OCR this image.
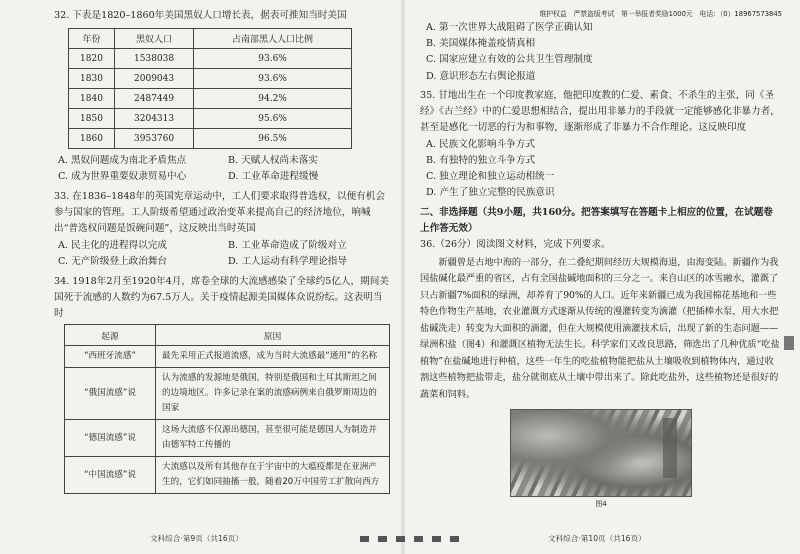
32. 下表是1820–1860年美国黑奴人口增长表，据表可推知当时美国

年份	黑奴人口	占南部黑人人口比例
1820	1538038	93.6%
1830	2009043	93.6%
1840	2487449	94.2%
1850	3204313	95.6%
1860	3953760	96.5%
A. 黑奴问题成为南北矛盾焦点	B. 天赋人权尚未落实
C. 成为世界重要奴隶贸易中心	D. 工业革命进程缓慢

33. 在1836–1848年的英国宪章运动中，工人们要求取得普选权，以便有机会参与国家的管理。工人阶级希望通过政治变革来提高自己的经济地位，响喊出“普选权问题是饭碗问题”，这反映出当时英国

A. 民主化的进程得以完成	B. 工业革命造成了阶级对立
C. 无产阶级登上政治舞台	D. 工人运动有科学理论指导

34. 1918年2月至1920年4月，席卷全球的大流感感染了全球约5亿人，期间美国死于流感的人数约为67.5万人。关于疫情起源美国媒体众说纷纭。这表明当时

起源	原因
“西班牙流感”	最先采用正式报道流感，成为当时大流感最“通用”的名称
“俄国流感”说	认为流感的发源地是俄国，特别是俄国和土耳其斯坦之间的边境地区。许多记录在案的流感病例来自俄罗斯周边的国家
“德国流感”说	这场大流感不仅源出德国，甚至很可能是德国人为制造并由德军特工传播的
“中国流感”说	大流感以及所有其他存在于宇宙中的大瘟疫都是在亚洲产生的，它们如同抽搐一般，随着20万中国劳工扩散向西方
文科综合·第9页（共16页）
维护权益　严禁盗版考试　第一举报者奖励1000元　电话：（0）18967573845
A. 第一次世界大战阻碍了医学正确认知
B. 美国媒体掩盖疫情真相
C. 国家应建立有效的公共卫生管理制度
D. 意识形态左右舆论报道

35. 甘地出生在一个印度教家庭，他把印度教的仁爱、素食、不杀生的主张，同《圣经》《古兰经》中的仁爱思想相结合，提出用非暴力的手段就一定能够感化非暴力者，甚至是感化一切恶的行为和事物，逐渐形成了非暴力不合作理论。这反映印度

A. 民族文化影响斗争方式
B. 有独特的独立斗争方式
C. 独立理论和独立运动相统一
D. 产生了独立完整的民族意识

二、非选择题（共9小题，共160分。把答案填写在答题卡上相应的位置，在试题卷上作答无效）

36.（26分）阅读图文材料，完成下列要求。

新疆曾是古地中海的一部分，在二叠纪期间经历大规模海退，由海变陆。新疆作为我国盐碱化最严重的省区，占有全国盐碱地面积的三分之一。来自山区的冰雪融水，灌溉了只占新疆7%面积的绿洲，却养育了90%的人口。近年来新疆已成为我国棉花基地和一些特色作物生产基地，农业灌溉方式逐渐从传统的漫灌转变为滴灌（把插棒水泵，用大水把盐碱洗走）转变为大面积的滴灌，但在大规模使用滴灌技术后，出现了新的生态问题——绿洲积盐（图4）和灌溉区植物无法生长。科学家们又改良思路，筛选出了几种优质“吃盐植物”在盐碱地进行种植，这些一年生的吃盐植物能把盐从土壤吸收到植物体内，通过收割这些植物把盐带走，盐分就彻底从土壤中带出来了。除此吃盐外，这些植物还是很好的蔬菜和饲料。

图4
文科综合·第10页（共16页）
